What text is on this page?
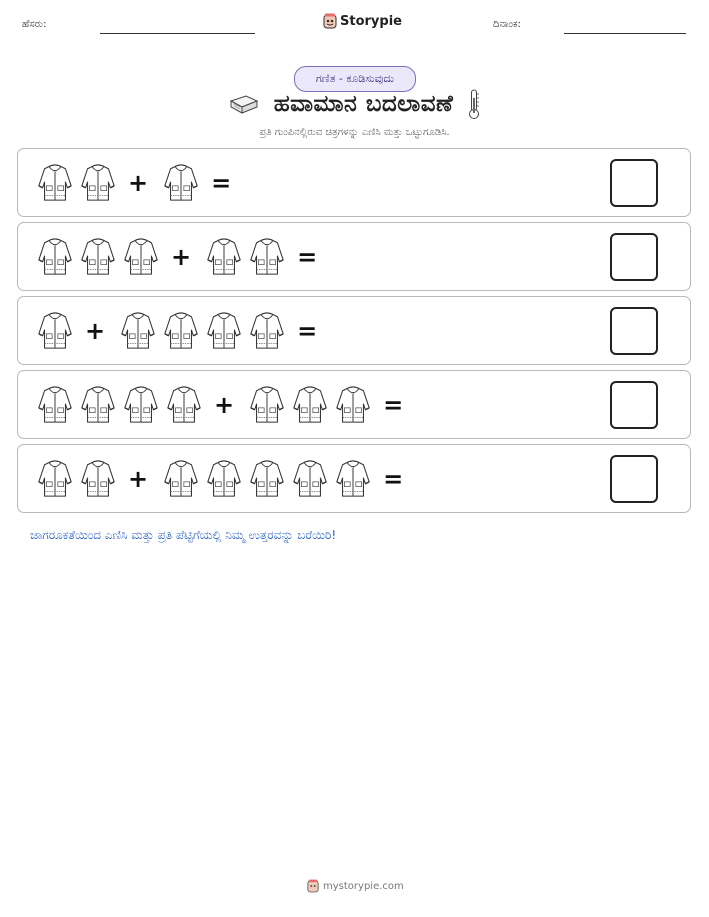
ಹೆಸರು:	Storypie	ದಿನಾಂಕ:
ಗಣಿತ - ಕೂಡಿಸುವುದು
ಹವಾಮಾನ ಬದಲಾವಣೆ
ಪ್ರತಿ ಗುಂಪಿನಲ್ಲಿರುವ ಚಿತ್ರಗಳನ್ನು ಎಣಿಸಿ ಮತ್ತು ಒಟ್ಟುಗೂಡಿಸಿ.
+	=
+	=
+	=
+	=
+	=
ಜಾಗರೂಕತೆಯಿಂದ ಎಣಿಸಿ ಮತ್ತು ಪ್ರತಿ ಪೆಟ್ಟಿಗೆಯಲ್ಲಿ ನಿಮ್ಮ ಉತ್ತರವನ್ನು ಬರೆಯಿರಿ!
mystorypie.com
